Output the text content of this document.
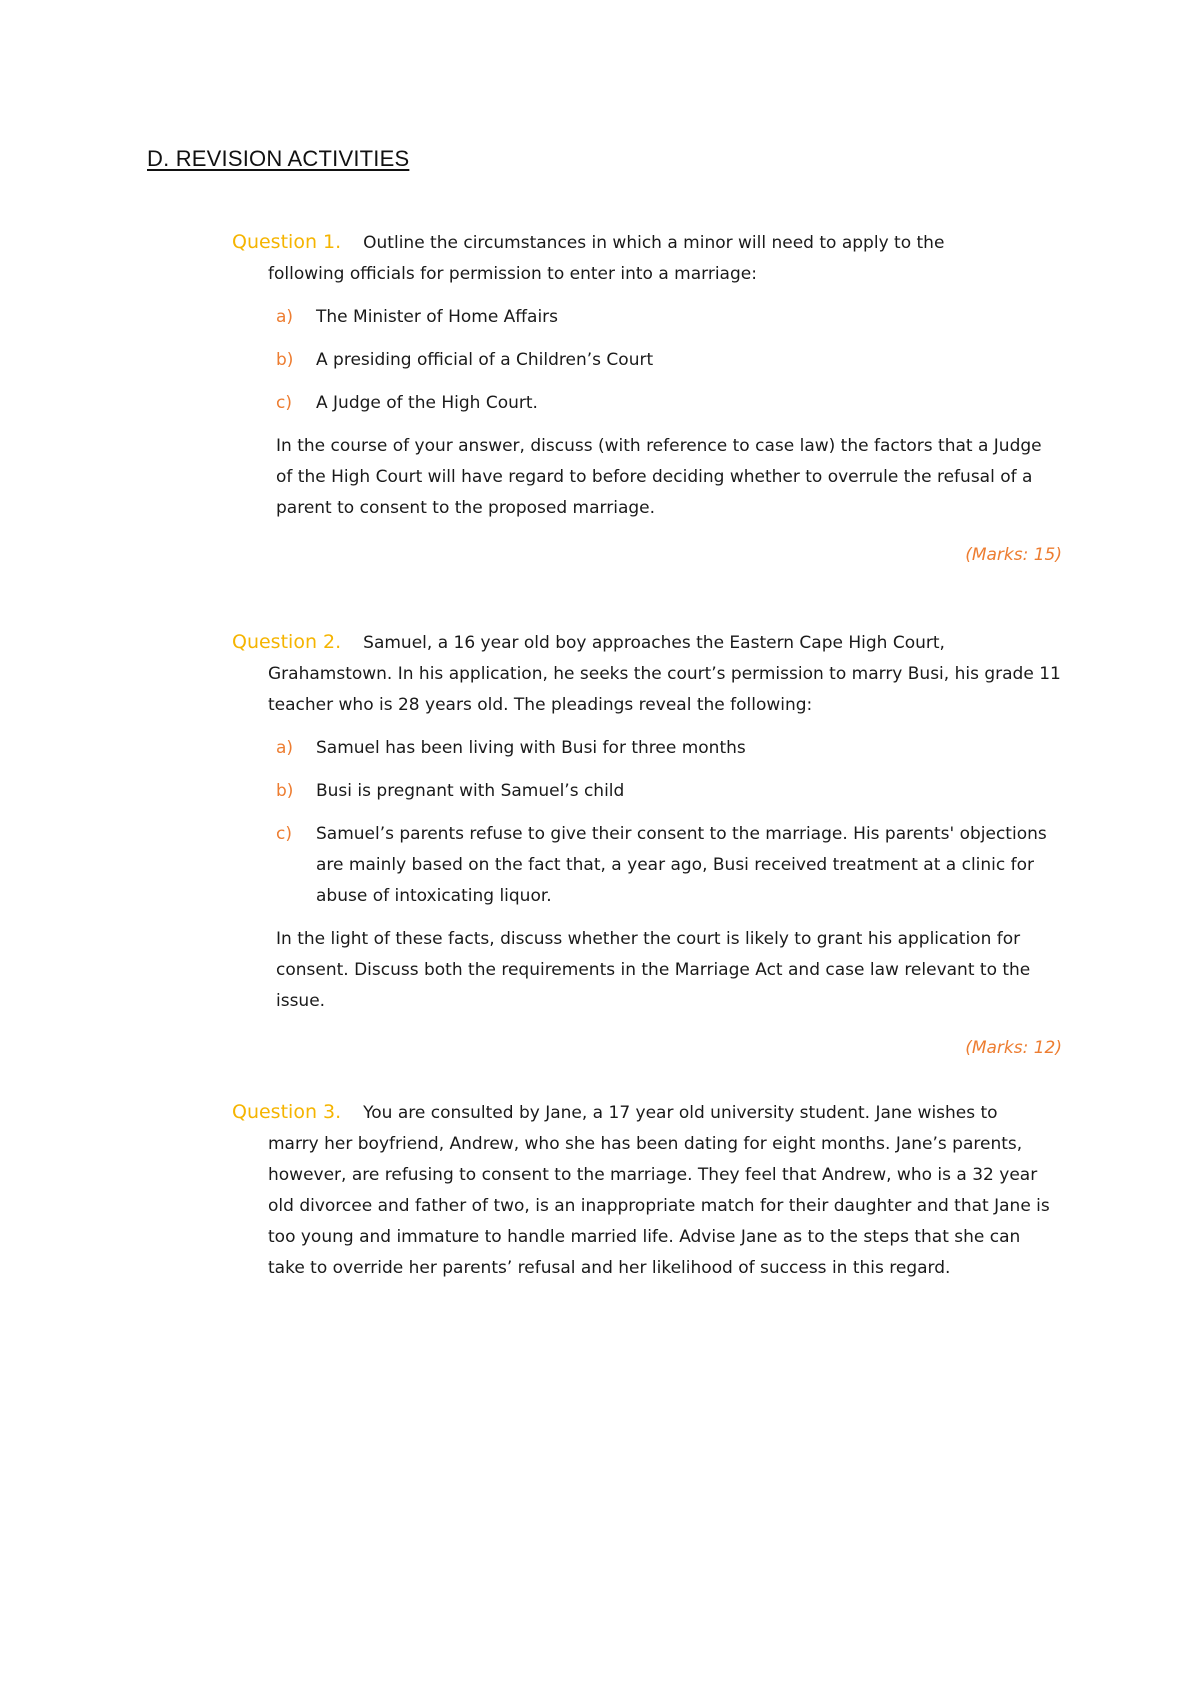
D. REVISION ACTIVITIES

Question 1. Outline the circumstances in which a minor will need to apply to the

following officials for permission to enter into a marriage:
a) The Minister of Home Affairs
b) A presiding official of a Children’s Court
c) A Judge of the High Court.
In the course of your answer, discuss (with reference to case law) the factors that a Judge of the High Court will have regard to before deciding whether to overrule the refusal of a parent to consent to the proposed marriage.
(Marks: 15)

Question 2. Samuel, a 16 year old boy approaches the Eastern Cape High Court,

Grahamstown. In his application, he seeks the court’s permission to marry Busi, his grade 11 teacher who is 28 years old. The pleadings reveal the following:
a) Samuel has been living with Busi for three months
b) Busi is pregnant with Samuel’s child
c) Samuel’s parents refuse to give their consent to the marriage. His parents' objections are mainly based on the fact that, a year ago, Busi received treatment at a clinic for abuse of intoxicating liquor.
In the light of these facts, discuss whether the court is likely to grant his application for consent. Discuss both the requirements in the Marriage Act and case law relevant to the issue.
(Marks: 12)

Question 3. You are consulted by Jane, a 17 year old university student. Jane wishes to

marry her boyfriend, Andrew, who she has been dating for eight months. Jane’s parents, however, are refusing to consent to the marriage. They feel that Andrew, who is a 32 year old divorcee and father of two, is an inappropriate match for their daughter and that Jane is too young and immature to handle married life. Advise Jane as to the steps that she can take to override her parents’ refusal and her likelihood of success in this regard.
